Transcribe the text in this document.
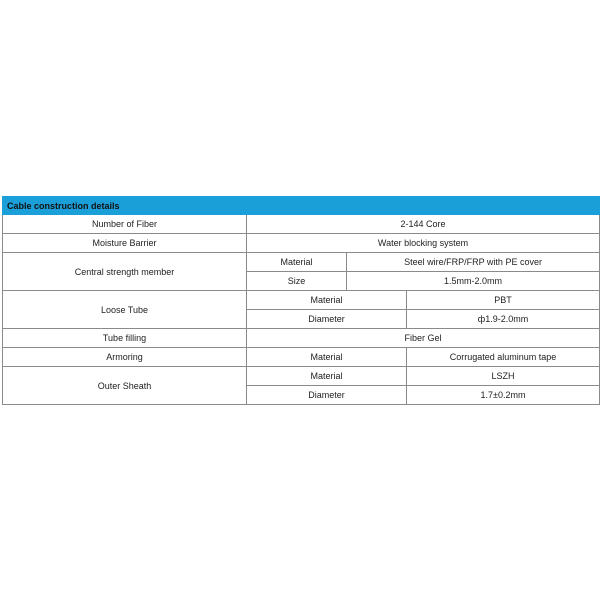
Cable construction details			
Number of Fiber	2-144 Core		
Moisture Barrier	Water blocking system		
Central strength member	Material	Steel wire/FRP/FRP with PE cover	
	Size	1.5mm-2.0mm	
Loose Tube	Material		PBT
	Diameter		ф1.9-2.0mm
Tube filling	Fiber Gel		
Armoring	Material		Corrugated aluminum tape
Outer Sheath	Material		LSZH
	Diameter		1.7±0.2mm
